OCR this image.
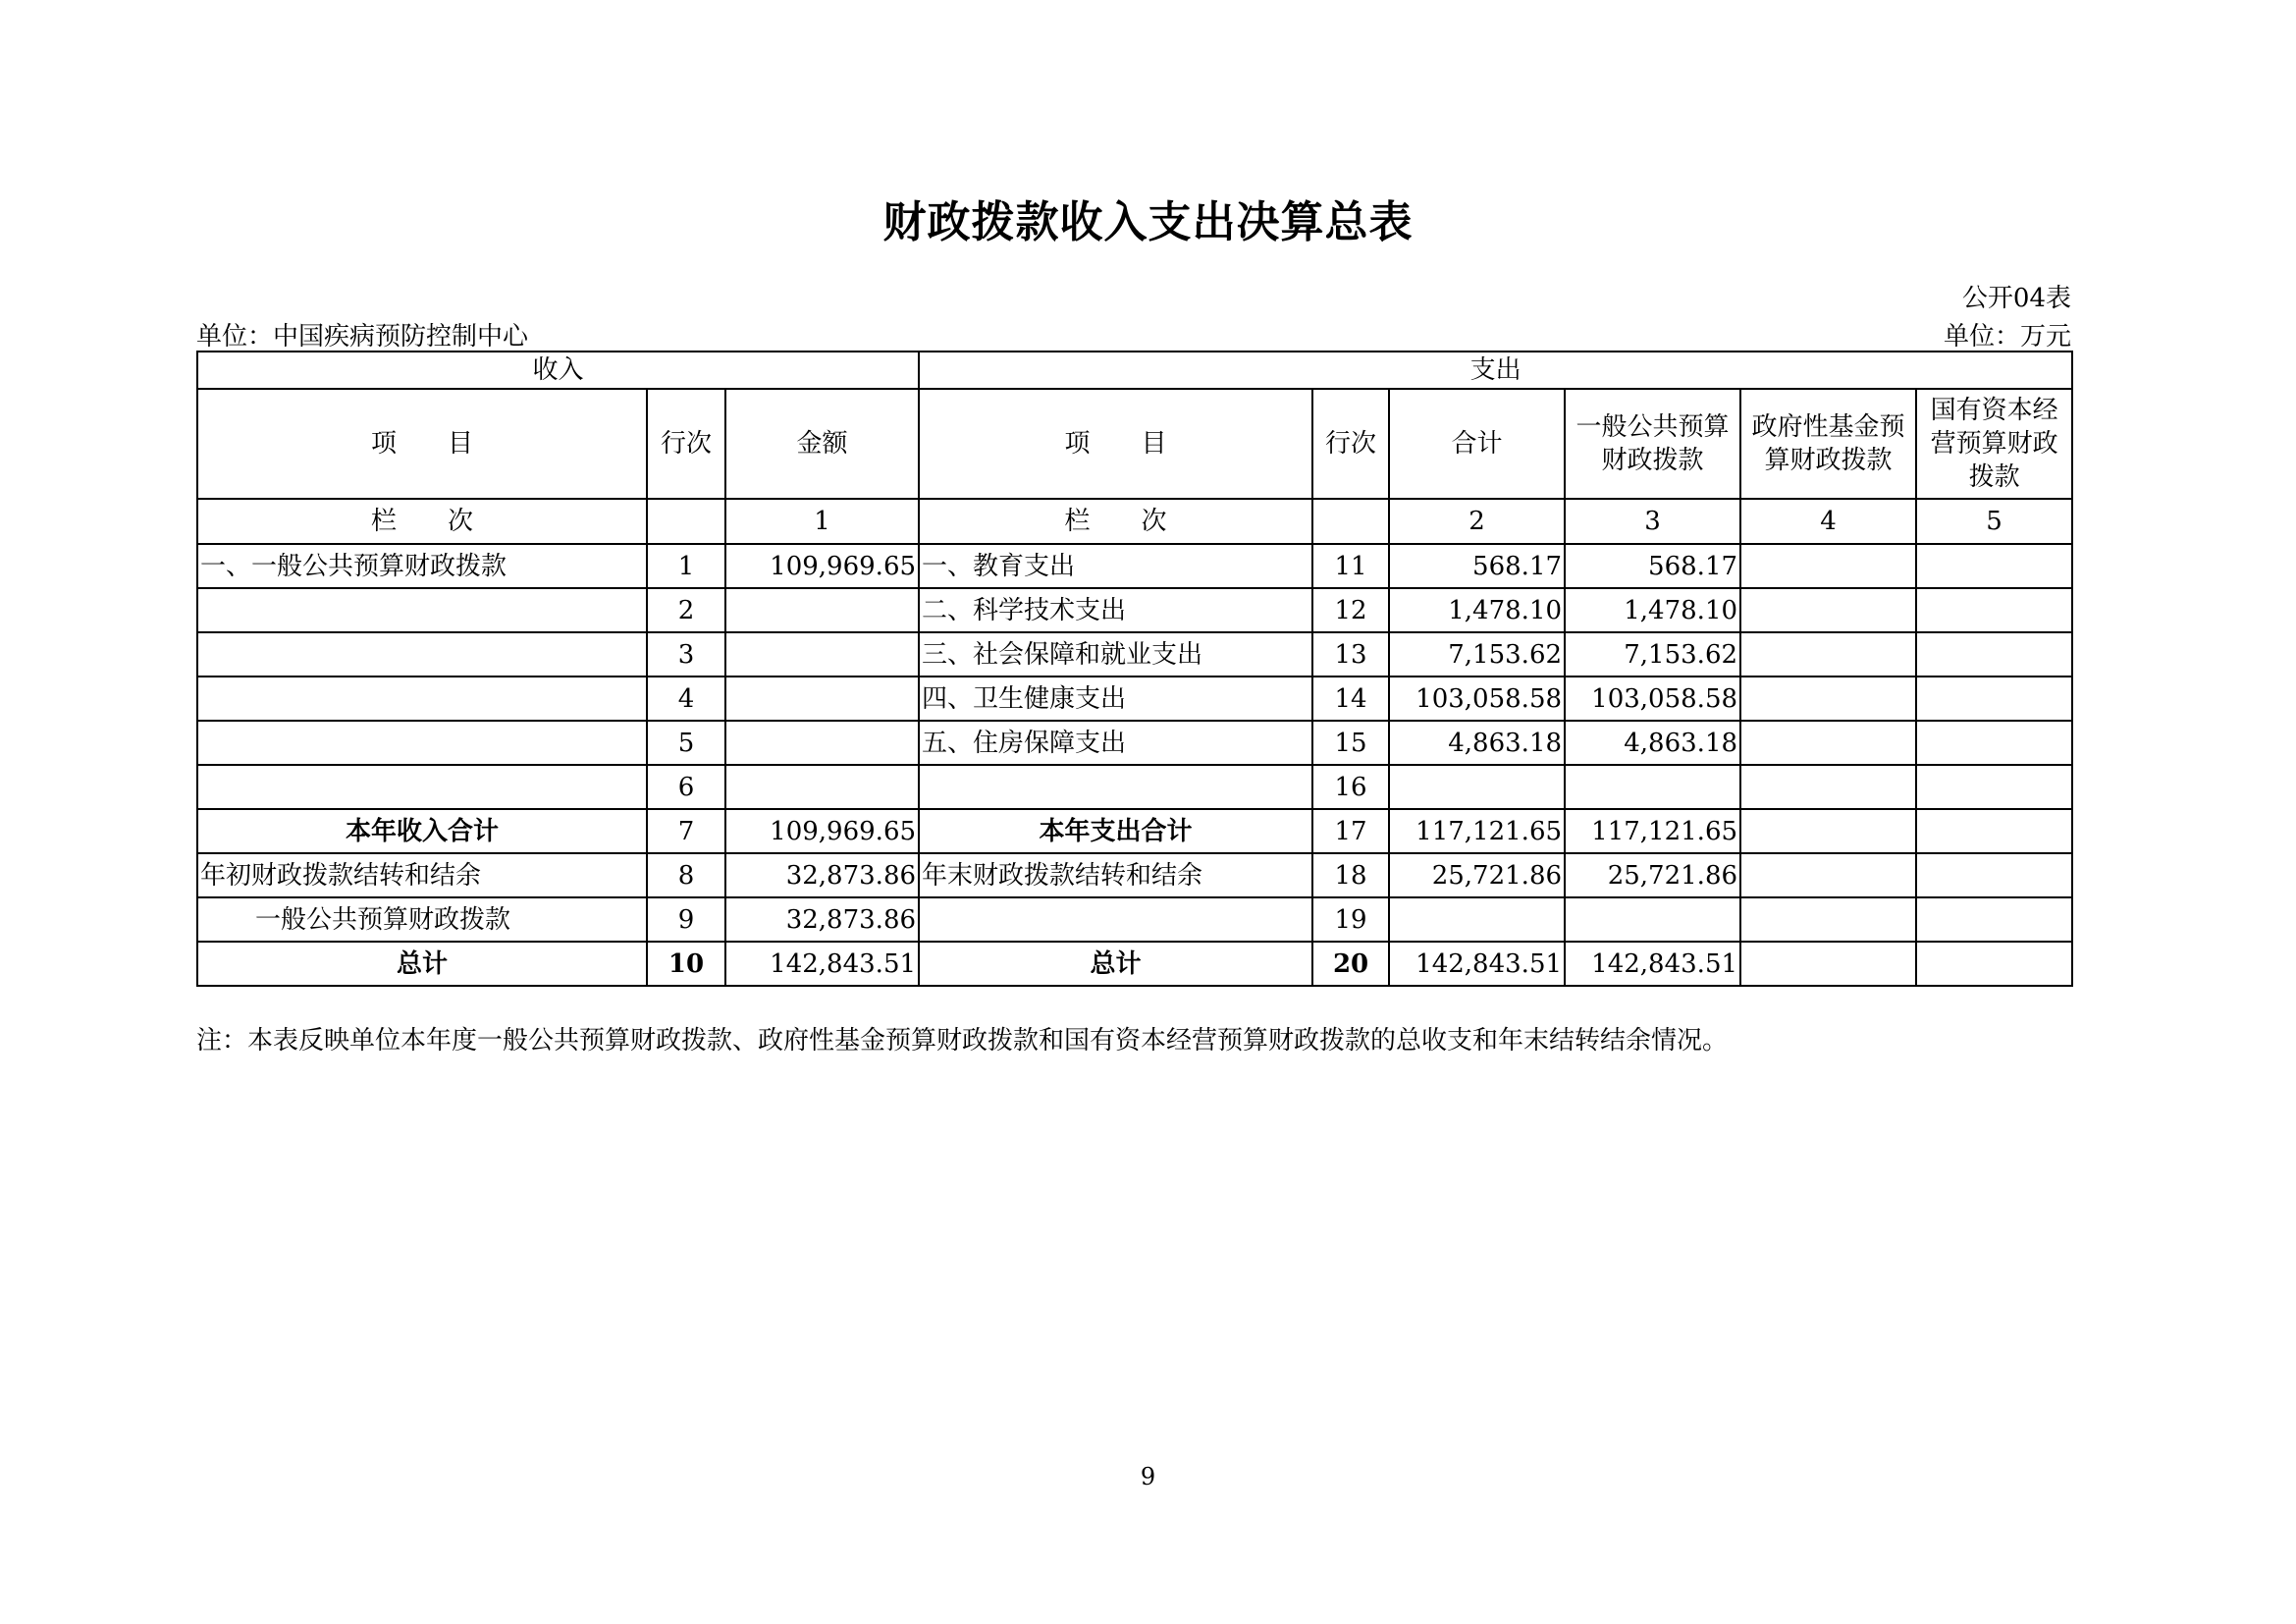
财政拨款收入支出决算总表
公开04表
单位：中国疾病预防控制中心	单位：万元
收入			支出					
项　　目	行次	金额	项　　目	行次	合计	一般公共预算财政拨款	政府性基金预算财政拨款	国有资本经营预算财政拨款
栏　　次		1	栏　　次		2	3	4	5
一、一般公共预算财政拨款	1	109,969.65	一、教育支出	11	568.17	568.17		
	2		二、科学技术支出	12	1,478.10	1,478.10		
	3		三、社会保障和就业支出	13	7,153.62	7,153.62		
	4		四、卫生健康支出	14	103,058.58	103,058.58		
	5		五、住房保障支出	15	4,863.18	4,863.18		
	6			16				
本年收入合计	7	109,969.65	本年支出合计	17	117,121.65	117,121.65		
年初财政拨款结转和结余	8	32,873.86	年末财政拨款结转和结余	18	25,721.86	25,721.86		
一般公共预算财政拨款	9	32,873.86		19				
总计	10	142,843.51	总计	20	142,843.51	142,843.51		
注：本表反映单位本年度一般公共预算财政拨款、政府性基金预算财政拨款和国有资本经营预算财政拨款的总收支和年末结转结余情况。
9
